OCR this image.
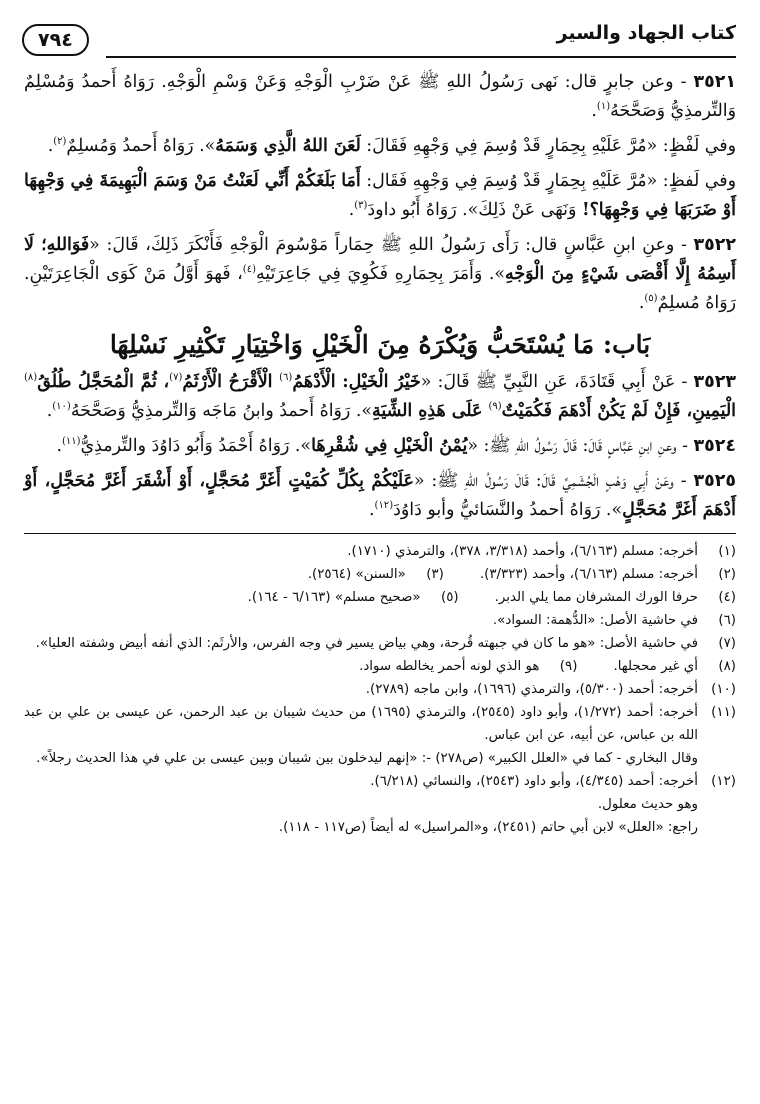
كتاب الجهاد والسير
٧٩٤

٣٥٢١ - وعن جابرٍ قال: نَهى رَسُولُ اللهِ ﷺ عَنْ ضَرْبِ الْوَجْهِ وَعَنْ وَسْمِ الْوَجْهِ. رَوَاهُ أَحمدُ وَمُسْلِمٌ وَالتِّرمذِيُّ وَصَحَّحَهُ$^{(١)}$.

وفي لَفْظٍ: «مُرَّ عَلَيْهِ بِحِمَارٍ قَدْ وُسِمَ فِي وَجْهِهِ فَقَالَ: لَعَنَ اللهُ الَّذِي وَسَمَهُ». رَوَاهُ أَحمدُ وَمُسلِمٌ$^{(٢)}$.

وفي لَفظٍ: «مُرَّ عَلَيْهِ بِحِمَارٍ قَدْ وُسِمَ فِي وَجْهِهِ فَقَال: أَمَا بَلَغَكُمْ أَنِّي لَعَنْتُ مَنْ وَسَمَ الْبَهِيمَةَ فِي وَجْهِهَا أَوْ ضَرَبَهَا فِي وَجْهِهَا؟! وَنَهَى عَنْ ذَلِكَ». رَوَاهُ أَبُو داودَ$^{(٣)}$.

٣٥٢٢ - وعنِ ابنِ عَبَّاسٍ قال: رَأَى رَسُولُ اللهِ ﷺ حِمَاراً مَوْسُومَ الْوَجْهِ فَأَنْكَرَ ذَلِكَ، قَالَ: «فَوَاللهِ؛ لَا أَسِمُهُ إِلَّا أَقْصَى شَيْءٍ مِنَ الْوَجْهِ». وَأَمَرَ بِحِمَارِهِ فَكُوِيَ فِي جَاعِرَتَيْهِ$^{(٤)}$، فَهوَ أَوَّلُ مَنْ كَوَى الْجَاعِرَتَيْنِ. رَوَاهُ مُسلِمٌ$^{(٥)}$.

بَاب: مَا يُسْتَحَبُّ وَيُكْرَهُ مِنَ الْخَيْلِ وَاخْتِيَارِ تَكْثِيرِ نَسْلِهَا

٣٥٢٣ - عَنْ أَبِي قَتَادَةَ، عَنِ النَّبِيِّ ﷺ قَالَ: «خَيْرُ الْخَيْلِ: الْأَدْهَمُ$^{(٦)}$ الْأَقْرَحُ الْأَرْثَمُ$^{(٧)}$، ثُمَّ الْمُحَجَّلُ طُلُقُ$^{(٨)}$ الْيَمِينِ، فَإِنْ لَمْ يَكُنْ أَدْهَمَ فَكُمَيْتٌ$^{(٩)}$ عَلَى هَذِهِ الشِّيَةِ». رَوَاهُ أَحمدُ وابنُ مَاجَه وَالتِّرمذِيُّ وَصَحَّحَهُ$^{(١٠)}$.

٣٥٢٤ - وعنِ ابنِ عَبَّاسٍ قَالَ: قَالَ رَسُولُ اللهِ ﷺ: «يُمْنُ الْخَيْلِ فِي شُقْرِهَا». رَوَاهُ أَحْمَدُ وَأَبُو دَاوُدَ والتِّرمذِيُّ$^{(١١)}$.

٣٥٢٥ - وعَنْ أَبِي وَهْبٍ الْجُشَمِيِّ قَالَ: قَالَ رَسُولُ اللهِ ﷺ: «عَلَيْكُمْ بِكُلِّ كُمَيْتٍ أَغَرَّ مُحَجَّلٍ، أَوْ أَشْقَرَ أَغَرَّ مُحَجَّلٍ، أَوْ أَدْهَمَ أَغَرَّ مُحَجَّلٍ». رَوَاهُ أحمدُ والنَّسَائيُّ وأبو دَاوُدَ$^{(١٢)}$.

(١)
أخرجه: مسلم (٦/١٦٣)، وأحمد (٣/٣١٨، ٣٧٨)، والترمذي (١٧١٠).
(٢)
أخرجه: مسلم (٦/١٦٣)، وأحمد (٣/٣٢٣).
(٣)
«السنن» (٢٥٦٤).
(٤)
حرفا الورك المشرفان مما يلي الدبر.
(٥)
«صحيح مسلم» (٦/١٦٣ - ١٦٤).
(٦)
في حاشية الأصل: «الدُّهمة: السواد».
(٧)
في حاشية الأصل: «هو ما كان في جبهته قُرحة، وهي بياض يسير في وجه الفرس، والأرثَم: الذي أنفه أبيض وشفته العليا».
(٨)
أي غير محجلها.
(٩)
هو الذي لونه أحمر يخالطه سواد.
(١٠)
أخرجه: أحمد (٥/٣٠٠)، والترمذي (١٦٩٦)، وابن ماجه (٢٧٨٩).
(١١)
أخرجه: أحمد (١/٢٧٢)، وأبو داود (٢٥٤٥)، والترمذي (١٦٩٥) من حديث شيبان بن عبد الرحمن، عن عيسى بن علي بن عبد الله بن عباس، عن أبيه، عن ابن عباس.
وقال البخاري - كما في «العلل الكبير» (ص٢٧٨) -: «إنهم ليدخلون بين شيبان وبين عيسى بن علي في هذا الحديث رجلاً».
(١٢)
أخرجه: أحمد (٤/٣٤٥)، وأبو داود (٢٥٤٣)، والنسائي (٦/٢١٨).
وهو حديث معلول.
راجع: «العلل» لابن أبي حاتم (٢٤٥١)، و«المراسيل» له أيضاً (ص١١٧ - ١١٨).
